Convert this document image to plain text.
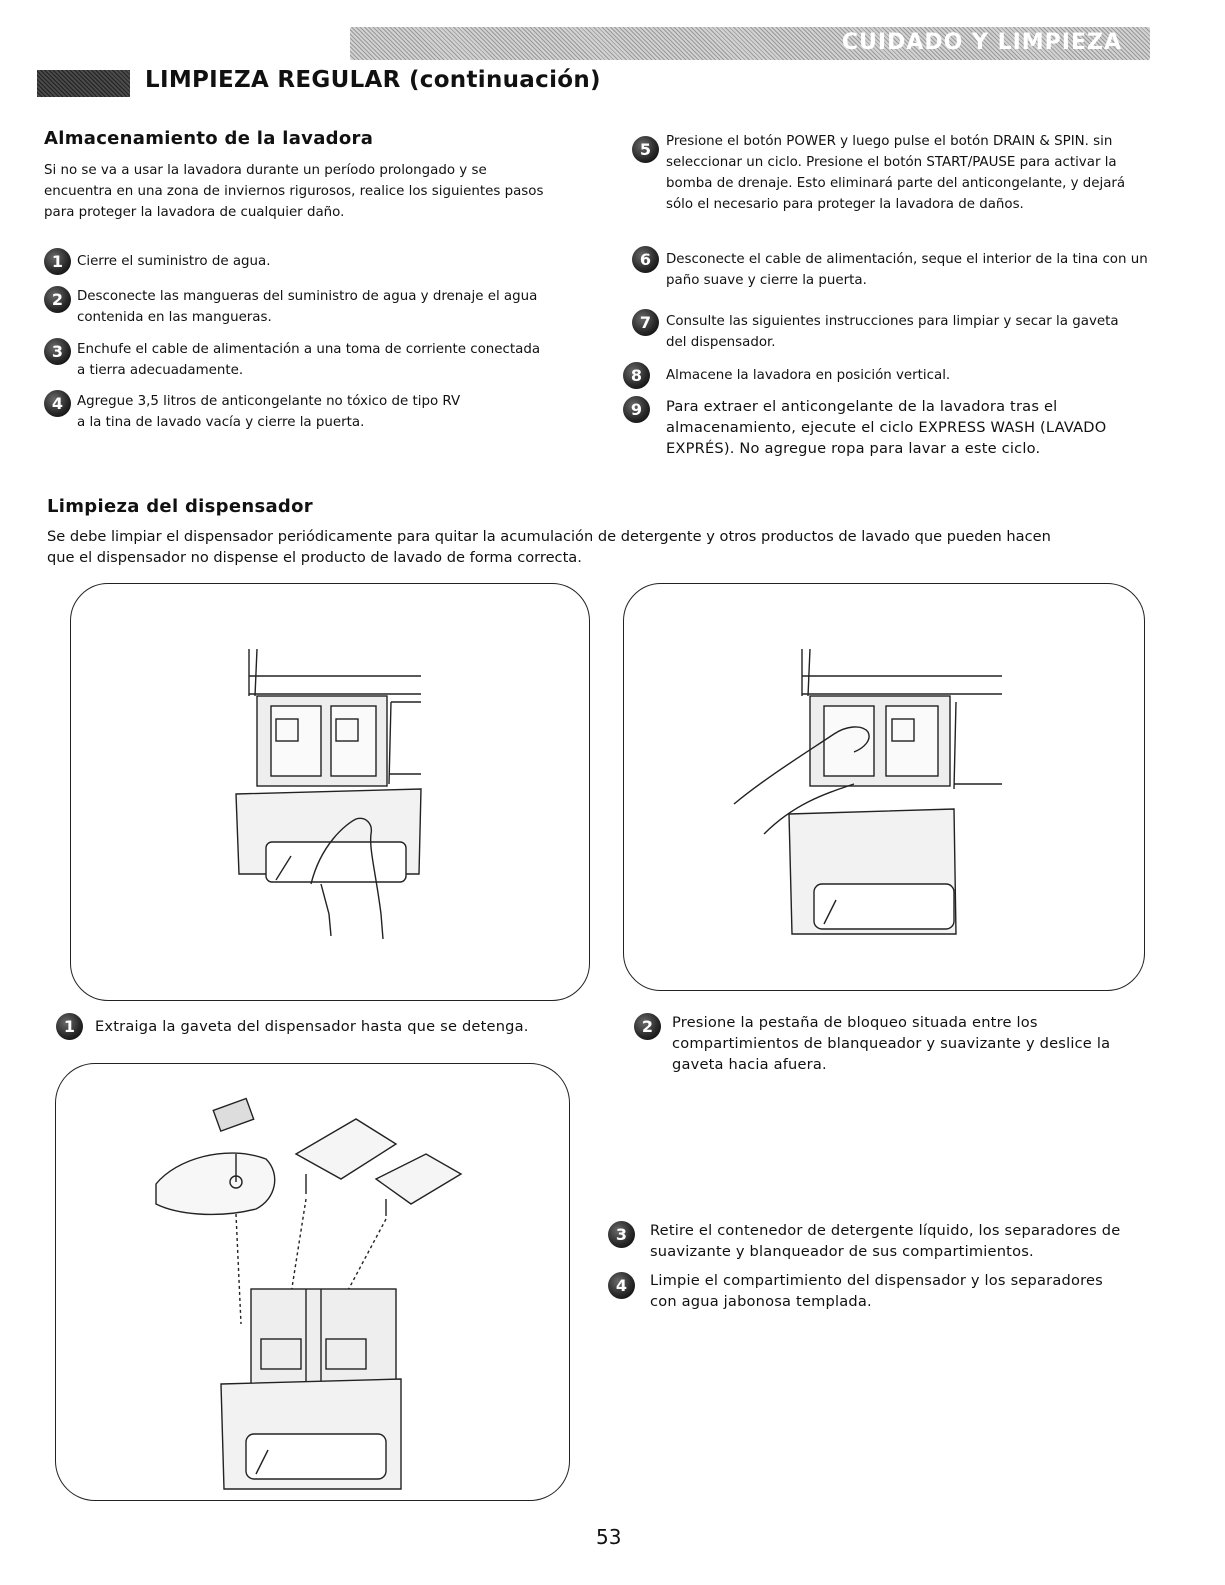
CUIDADO Y LIMPIEZA
LIMPIEZA REGULAR (continuación)
Almacenamiento de la lavadora
Si no se va a usar la lavadora durante un período prolongado y se
encuentra en una zona de inviernos rigurosos, realice los siguientes pasos
para proteger la lavadora de cualquier daño.
1	Cierre el suministro de agua.
2	Desconecte las mangueras del suministro de agua y drenaje el agua
contenida en las mangueras.
3	Enchufe el cable de alimentación a una toma de corriente conectada
a tierra adecuadamente.
4	Agregue 3,5 litros de anticongelante no tóxico de tipo RV
a la tina de lavado vacía y cierre la puerta.
5	Presione el botón POWER y luego pulse el botón DRAIN & SPIN. sin
seleccionar un ciclo. Presione el botón START/PAUSE para activar la
bomba de drenaje. Esto eliminará parte del anticongelante, y dejará
sólo el necesario para proteger la lavadora de daños.
6	Desconecte el cable de alimentación, seque el interior de la tina con un
paño suave y cierre la puerta.
7	Consulte las siguientes instrucciones para limpiar y secar la gaveta
del dispensador.
8	Almacene la lavadora en posición vertical.
9	Para extraer el anticongelante de la lavadora tras el
almacenamiento, ejecute el ciclo EXPRESS WASH (LAVADO
EXPRÉS). No agregue ropa para lavar a este ciclo.
Limpieza del dispensador
Se debe limpiar el dispensador periódicamente para quitar la acumulación de detergente y otros productos de lavado que pueden hacen
que el dispensador no dispense el producto de lavado de forma correcta.
1	Extraiga la gaveta del dispensador hasta que se detenga.	2	Presione la pestaña de bloqueo situada entre los
compartimientos de blanqueador y suavizante y deslice la
gaveta hacia afuera.
3	Retire el contenedor de detergente líquido, los separadores de
suavizante y blanqueador de sus compartimientos.
4	Limpie el compartimiento del dispensador y los separadores
con agua jabonosa templada.
53
